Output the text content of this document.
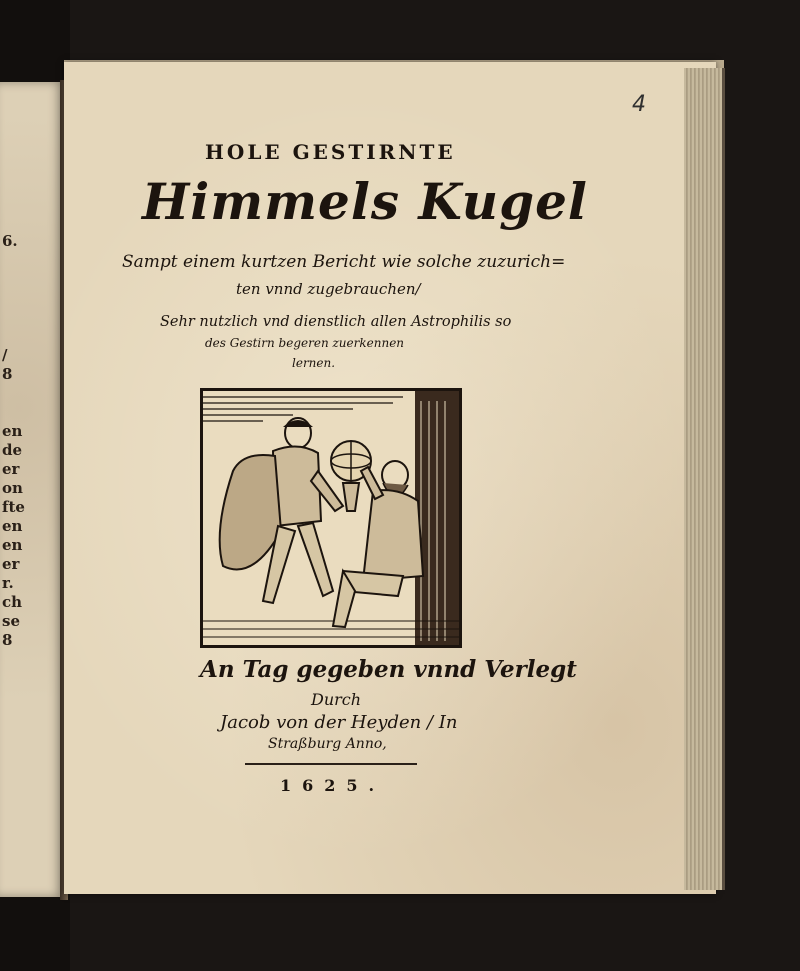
6.

/
8

en
de
er
on
fte
en
en
er
r.
ch
se
8
4
HOLE GESTIRNTE
Himmels Kugel
Sampt einem kurtzen Bericht wie solche zuzurich=
ten vnnd zugebrauchen/
Sehr nutzlich vnd dienstlich allen Astrophilis so
des Gestirn begeren zuerkennen
lernen.
An Tag gegeben vnnd Verlegt
Durch
Jacob von der Heyden / In
Straßburg Anno,
1625.
